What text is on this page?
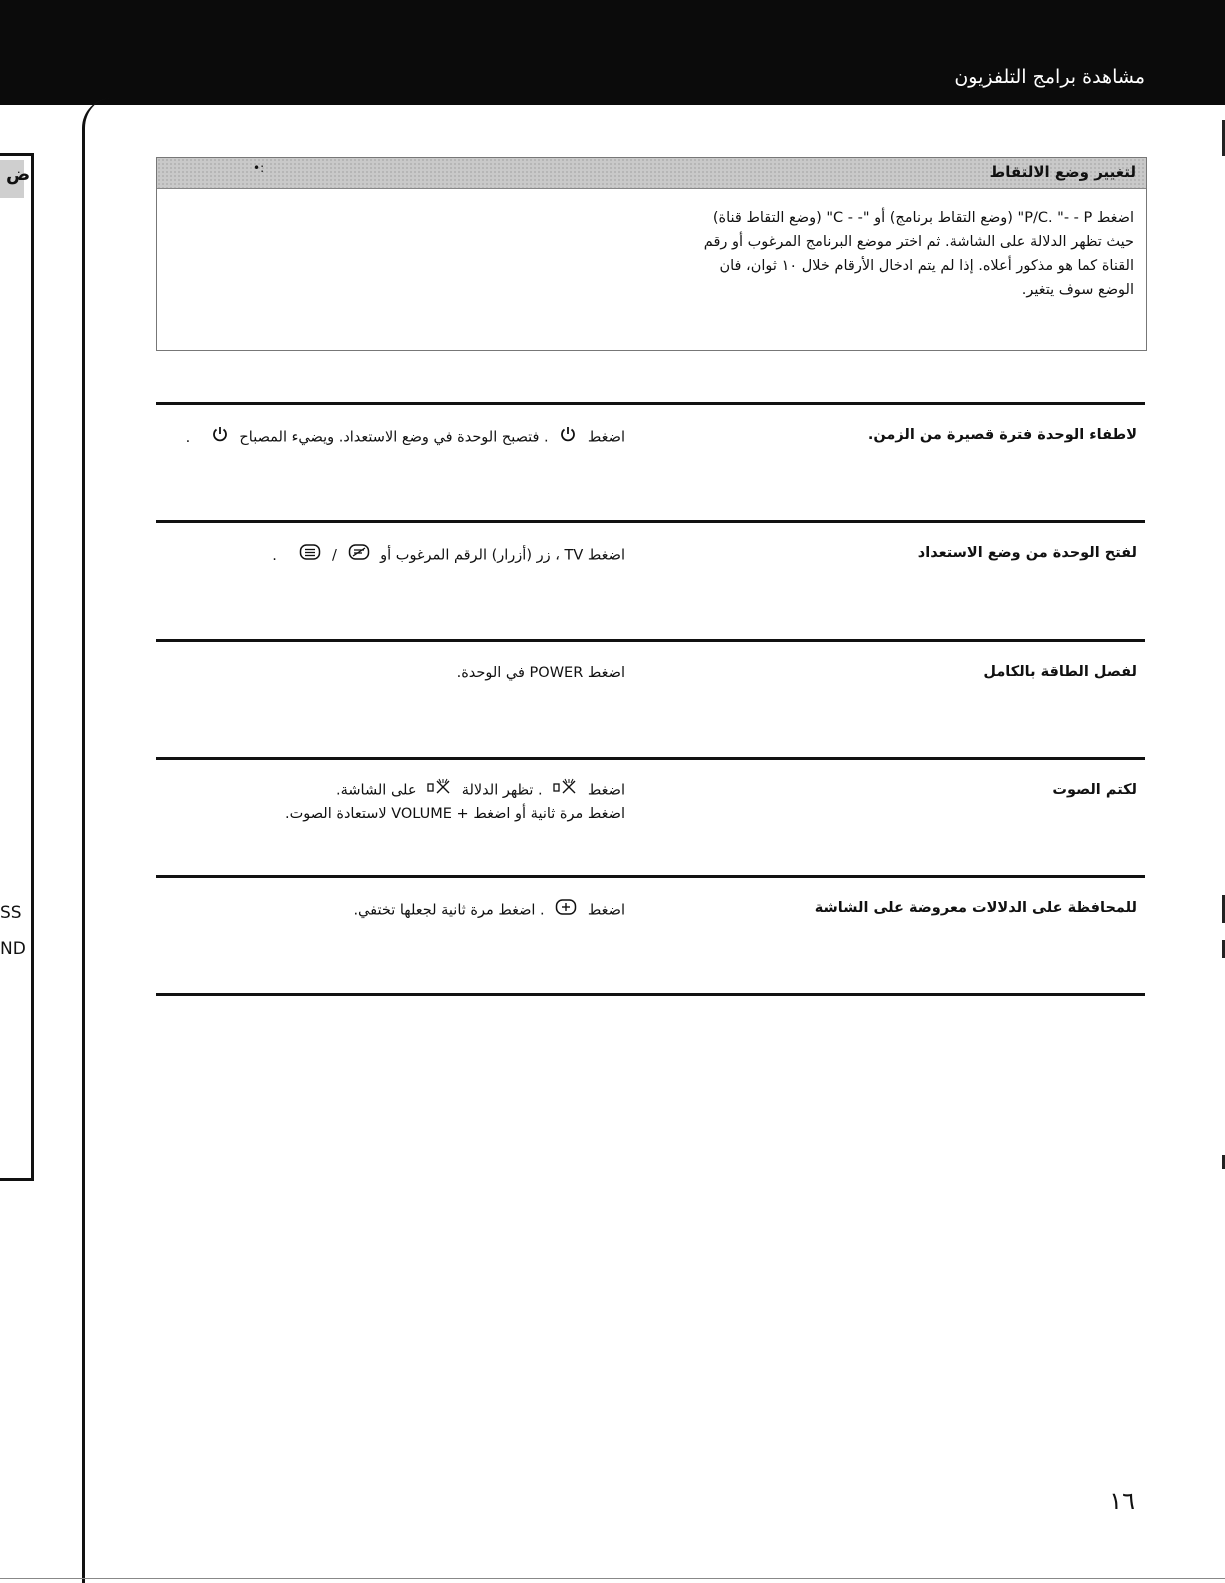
مشاهدة برامج التلفزيون
ض
SS
ND
•:	لتغيير وضع الالتقاط
اضغط P/C. "- - P" (وضع التقاط برنامج) أو "- - C" (وضع التقاط قناة)
حيث تظهر الدلالة على الشاشة. ثم اختر موضع البرنامج المرغوب أو رقم
القناة كما هو مذكور أعلاه. إذا لم يتم ادخال الأرقام خلال ١٠ ثوان، فان
الوضع سوف يتغير.
لاطفاء الوحدة فترة قصيرة من الزمن.
اضغط  . فتصبح الوحدة في وضع الاستعداد. ويضيء المصباح  .
لفتح الوحدة من وضع الاستعداد
اضغط TV ، زر (أزرار) الرقم المرغوب أو  /  .
لفصل الطاقة بالكامل
اضغط POWER في الوحدة.
لكتم الصوت
اضغط  . تظهر الدلالة  على الشاشة.
اضغط مرة ثانية أو اضغط + VOLUME لاستعادة الصوت.
للمحافظة على الدلالات معروضة على الشاشة
اضغط  . اضغط مرة ثانية لجعلها تختفي.
١٦
